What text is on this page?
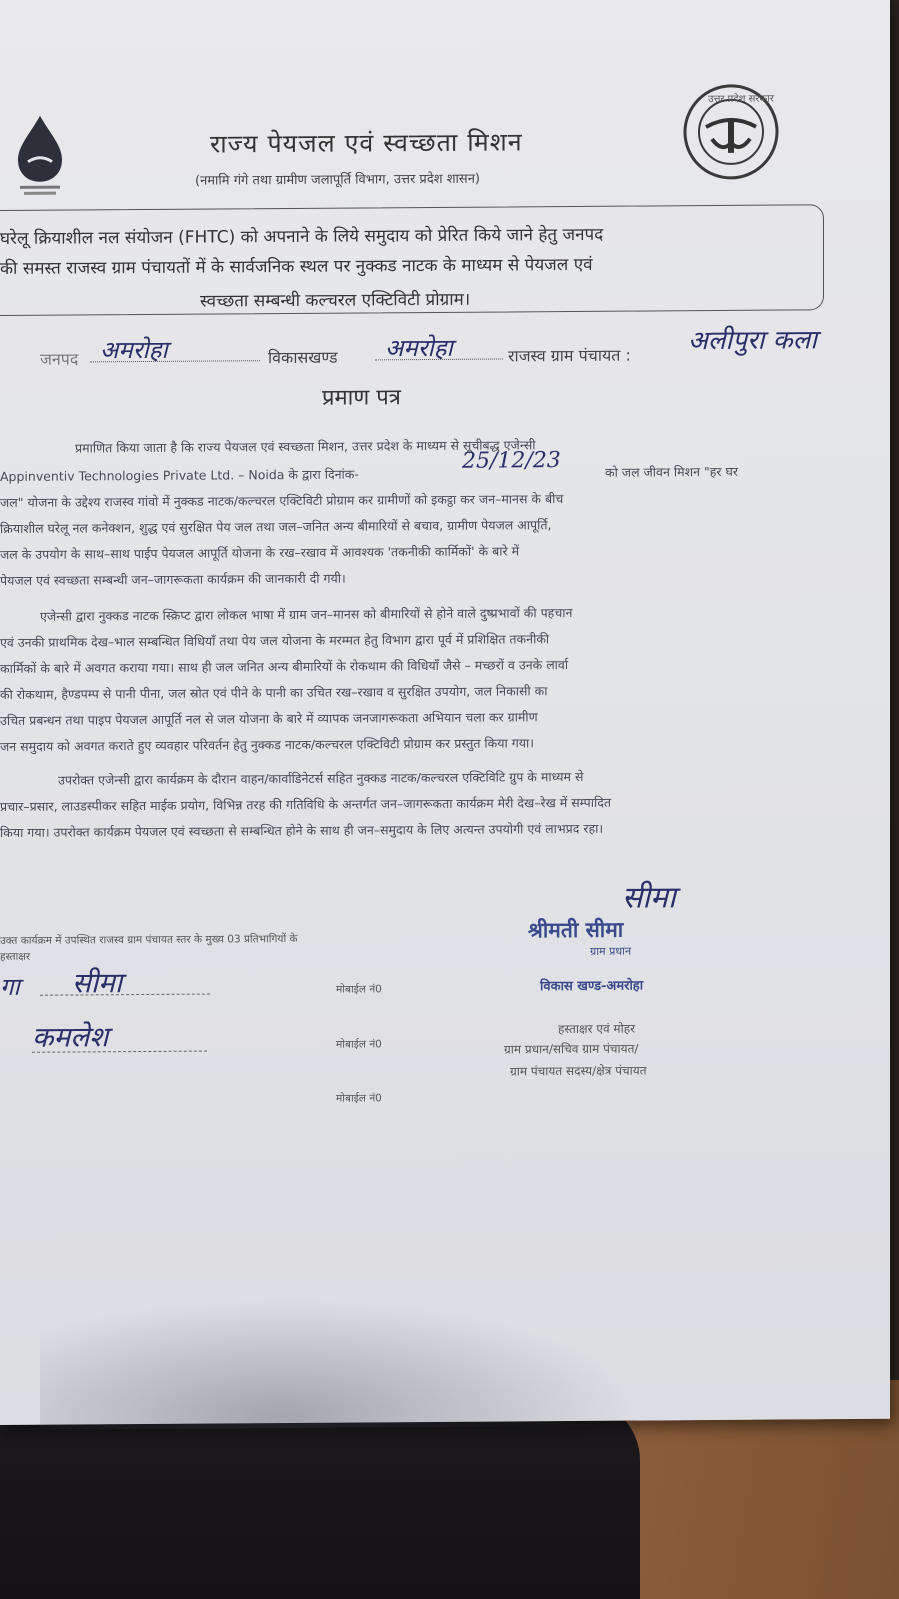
राज्य पेयजल एवं स्वच्छता मिशन
(नमामि गंगे तथा ग्रामीण जलापूर्ति विभाग, उत्तर प्रदेश शासन)
उत्तर प्रदेश सरकार
घरेलू क्रियाशील नल संयोजन (FHTC) को अपनाने के लिये समुदाय को प्रेरित किये जाने हेतु जनपद
की समस्त राजस्व ग्राम पंचायतों में के सार्वजनिक स्थल पर नुक्कड नाटक के माध्यम से पेयजल एवं
स्वच्छता सम्बन्धी कल्चरल एक्टिविटी प्रोग्राम।
जनपद अमरोहा	विकासखण्ड अमरोहा	राजस्व ग्राम पंचायत : अलीपुरा कला
प्रमाण पत्र
प्रमाणित किया जाता है कि राज्य पेयजल एवं स्वच्छता मिशन, उत्तर प्रदेश के माध्यम से सूचीबद्ध एजेन्सी
Appinventiv Technologies Private Ltd. – Noida के द्वारा दिनांक-
25/12/23	को जल जीवन मिशन "हर घर
जल" योजना के उद्देश्य राजस्व गांवो में नुक्कड नाटक/कल्चरल एक्टिविटी प्रोग्राम कर ग्रामीणों को इकट्ठा कर जन–मानस के बीच
क्रियाशील घरेलू नल कनेक्शन, शुद्ध एवं सुरक्षित पेय जल तथा जल–जनित अन्य बीमारियों से बचाव, ग्रामीण पेयजल आपूर्ति,
जल के उपयोग के साथ–साथ पाईप पेयजल आपूर्ति योजना के रख–रखाव में आवश्यक 'तकनीकी कार्मिकों' के बारे में
पेयजल एवं स्वच्छता सम्बन्धी जन–जागरूकता कार्यक्रम की जानकारी दी गयी।
एजेन्सी द्वारा नुक्कड नाटक स्क्रिप्ट द्वारा लोकल भाषा में ग्राम जन–मानस को बीमारियों से होने वाले दुष्प्रभावों की पहचान
एवं उनकी प्राथमिक देख–भाल सम्बन्धित विधियाँ तथा पेय जल योजना के मरम्मत हेतु विभाग द्वारा पूर्व में प्रशिक्षित तकनीकी
कार्मिकों के बारे में अवगत कराया गया। साथ ही जल जनित अन्य बीमारियों के रोकथाम की विधियाँ जैसे – मच्छरों व उनके लार्वा
की रोकथाम, हैण्डपम्प से पानी पीना, जल स्रोत एवं पीने के पानी का उचित रख–रखाव व सुरक्षित उपयोग, जल निकासी का
उचित प्रबन्धन तथा पाइप पेयजल आपूर्ति नल से जल योजना के बारे में व्यापक जनजागरूकता अभियान चला कर ग्रामीण
जन समुदाय को अवगत कराते हुए व्यवहार परिवर्तन हेतु नुक्कड नाटक/कल्चरल एक्टिविटी प्रोग्राम कर प्रस्तुत किया गया।
उपरोक्त एजेन्सी द्वारा कार्यक्रम के दौरान वाहन/कार्वाडिनेटर्स सहित नुक्कड नाटक/कल्चरल एक्टिविटि ग्रुप के माध्यम से
प्रचार–प्रसार, लाउडस्पीकर सहित माईक प्रयोग, विभिन्न तरह की गतिविधि के अन्तर्गत जन–जागरूकता कार्यक्रम मेरी देख–रेख में सम्पादित
किया गया। उपरोक्त कार्यक्रम पेयजल एवं स्वच्छता से सम्बन्धित होने के साथ ही जन–समुदाय के लिए अत्यन्त उपयोगी एवं लाभप्रद रहा।
उक्त कार्यक्रम में उपस्थित राजस्व ग्राम पंचायत स्तर के मुख्य 03 प्रतिभागियों के
हस्ताक्षर
गा सीमा	मोबाईल नं0
कमलेश	मोबाईल नं0
मोबाईल नं0
सीमा
श्रीमती सीमा
ग्राम प्रधान
विकास खण्ड-अमरोहा
हस्ताक्षर एवं मोहर
ग्राम प्रधान/सचिव ग्राम पंचायत/
ग्राम पंचायत सदस्य/क्षेत्र पंचायत
